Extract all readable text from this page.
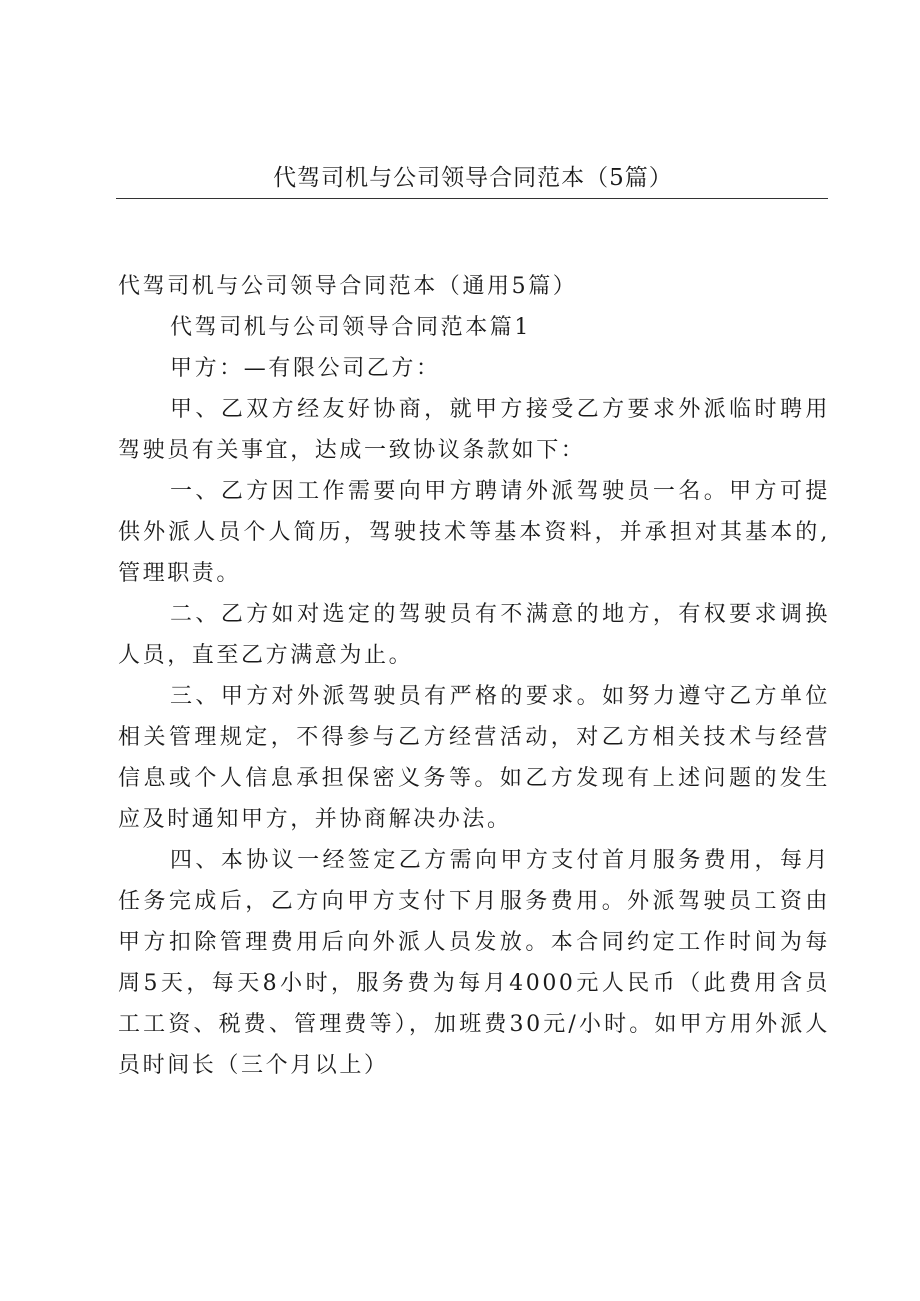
代驾司机与公司领导合同范本（5篇）

代驾司机与公司领导合同范本（通用5篇）

代驾司机与公司领导合同范本篇1

甲方：—有限公司乙方：

甲、乙双方经友好协商，就甲方接受乙方要求外派临时聘用驾驶员有关事宜，达成一致协议条款如下：

一、乙方因工作需要向甲方聘请外派驾驶员一名。甲方可提供外派人员个人简历，驾驶技术等基本资料，并承担对其基本的,管理职责。

二、乙方如对选定的驾驶员有不满意的地方，有权要求调换人员，直至乙方满意为止。

三、甲方对外派驾驶员有严格的要求。如努力遵守乙方单位相关管理规定，不得参与乙方经营活动，对乙方相关技术与经营信息或个人信息承担保密义务等。如乙方发现有上述问题的发生应及时通知甲方，并协商解决办法。

四、本协议一经签定乙方需向甲方支付首月服务费用，每月任务完成后，乙方向甲方支付下月服务费用。外派驾驶员工资由甲方扣除管理费用后向外派人员发放。本合同约定工作时间为每周5天，每天8小时，服务费为每月4000元人民币（此费用含员工工资、税费、管理费等），加班费30元/小时。如甲方用外派人员时间长（三个月以上）
